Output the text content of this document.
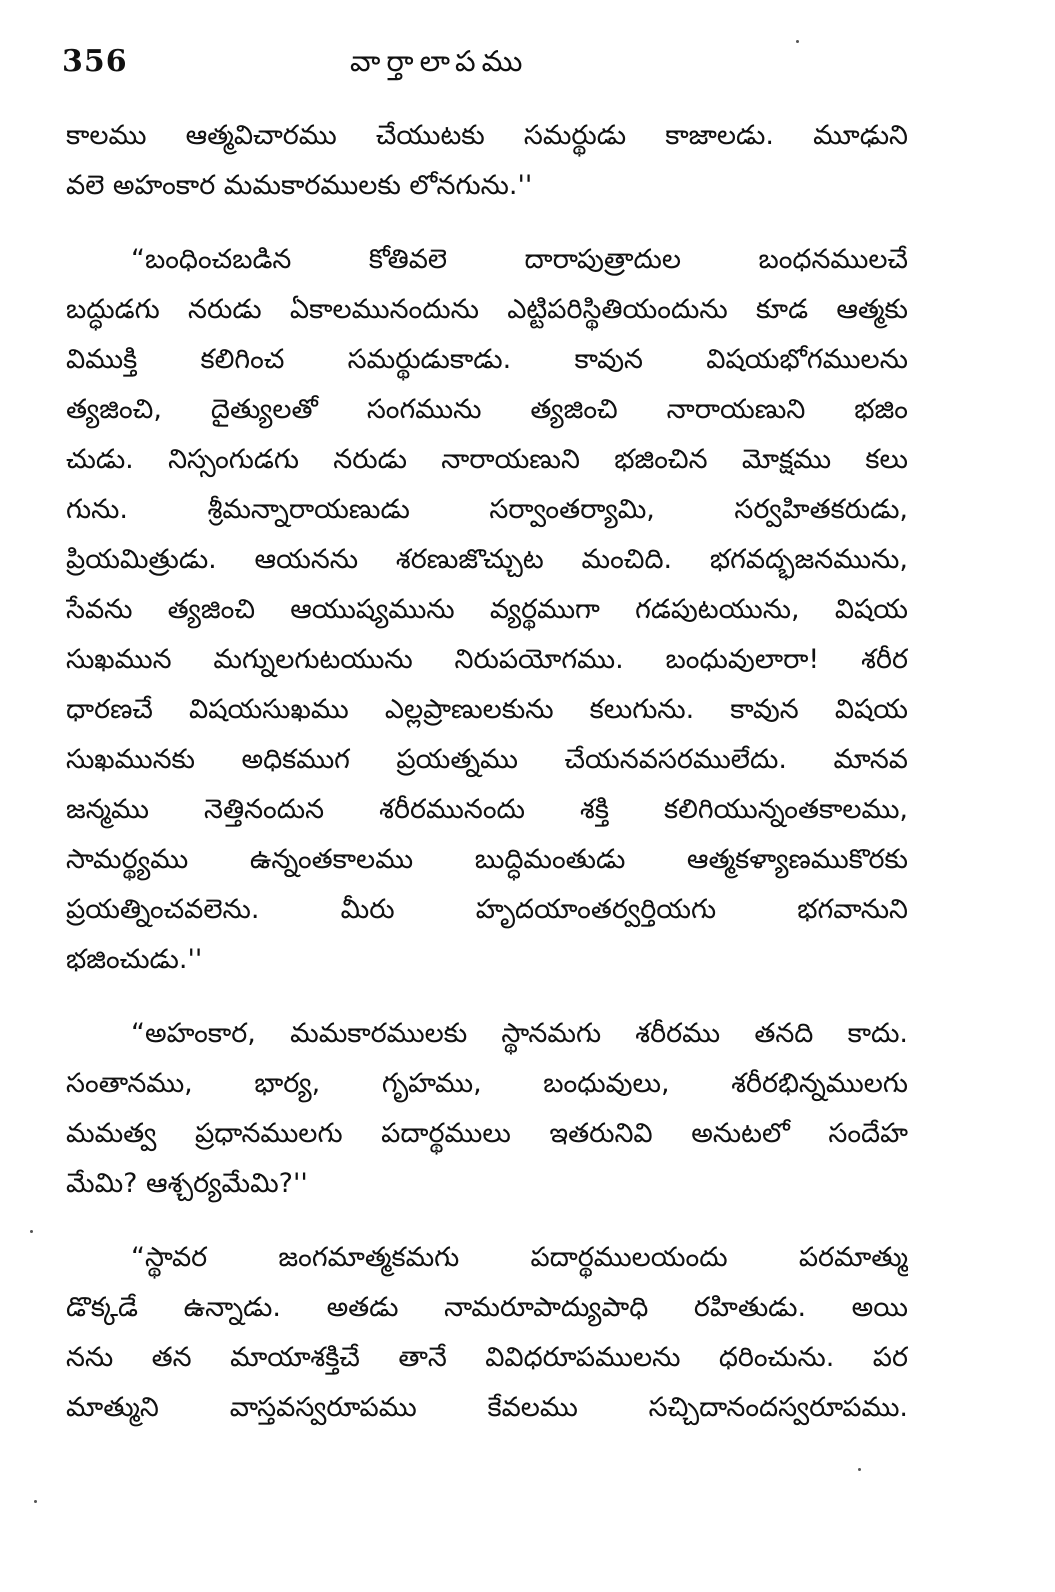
356	వార్తాలాపము
కాలము ఆత్మవిచారము చేయుటకు సమర్థుడు కాజాలడు. మూఢుని
వలె అహంకార మమకారములకు లోనగును.''
“బంధించబడిన కోతివలె దారాపుత్రాదుల బంధనములచే
బద్ధుడగు నరుడు ఏకాలమునందును ఎట్టిపరిస్థితియందును కూడ ఆత్మకు
విముక్తి కలిగించ సమర్థుడుకాడు. కావున విషయభోగములను
త్యజించి, దైత్యులతో సంగమును త్యజించి నారాయణుని భజిం
చుడు. నిస్సంగుడగు నరుడు నారాయణుని భజించిన మోక్షము కలు
గును. శ్రీమన్నారాయణుడు సర్వాంతర్యామి, సర్వహితకరుడు,
ప్రియమిత్రుడు. ఆయనను శరణుజొచ్చుట మంచిది. భగవద్భజనమును,
సేవను త్యజించి ఆయుష్యమును వ్యర్థముగా గడపుటయును, విషయ
సుఖమున మగ్నులగుటయును నిరుపయోగము. బంధువులారా! శరీర
ధారణచే విషయసుఖము ఎల్లప్రాణులకును కలుగును. కావున విషయ
సుఖమునకు అధికముగ ప్రయత్నము చేయనవసరములేదు. మానవ
జన్మము నెత్తినందున శరీరమునందు శక్తి కలిగియున్నంతకాలము,
సామర్థ్యము ఉన్నంతకాలము బుద్ధిమంతుడు ఆత్మకళ్యాణముకొరకు
ప్రయత్నించవలెను. మీరు హృదయాంతర్వర్తియగు భగవానుని
భజించుడు.''
“అహంకార, మమకారములకు స్థానమగు శరీరము తనది కాదు.
సంతానము, భార్య, గృహము, బంధువులు, శరీరభిన్నములగు
మమత్వ ప్రధానములగు పదార్థములు ఇతరునివి అనుటలో సందేహ
మేమి? ఆశ్చర్యమేమి?''
“స్థావర జంగమాత్మకమగు పదార్థములయందు పరమాత్ము
డొక్కడే ఉన్నాడు. అతడు నామరూపాద్యుపాధి రహితుడు. అయి
నను తన మాయాశక్తిచే తానే వివిధరూపములను ధరించును. పర
మాత్ముని వాస్తవస్వరూపము కేవలము సచ్చిదానందస్వరూపము.
